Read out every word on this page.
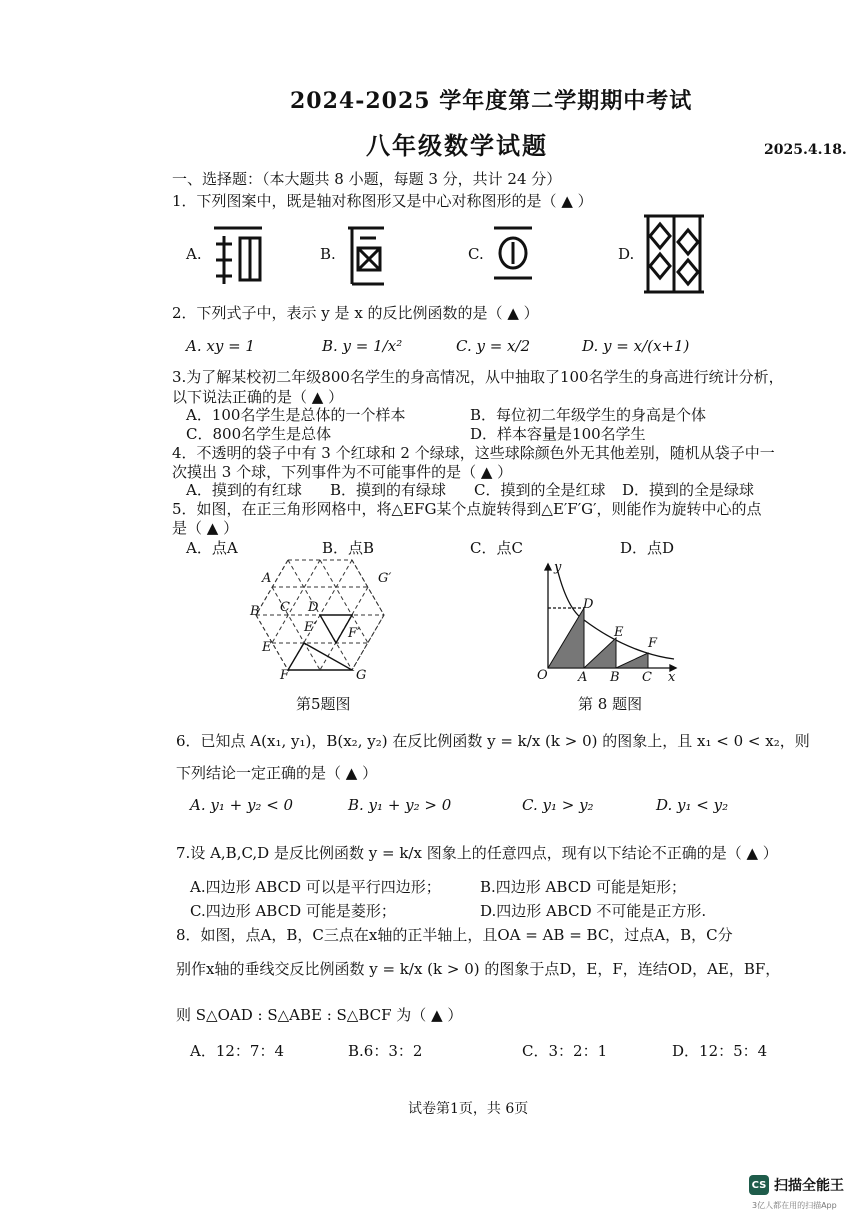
2024-2025 学年度第二学期期中考试
八年级数学试题	2025.4.18.
一、选择题：（本大题共 8 小题，每题 3 分，共计 24 分）
1．下列图案中，既是轴对称图形又是中心对称图形的是（ ▲ ）
A.	B.	C.	D.
2．下列式子中，表示 y 是 x 的反比例函数的是（ ▲ ）
A. xy = 1	B. y = 1/x²	C. y = x/2	D. y = x/(x+1)
3.为了解某校初二年级800名学生的身高情况，从中抽取了100名学生的身高进行统计分析，
以下说法正确的是（ ▲ ）
A．100名学生是总体的一个样本	B．每位初二年级学生的身高是个体
C．800名学生是总体	D．样本容量是100名学生
4．不透明的袋子中有 3 个红球和 2 个绿球，这些球除颜色外无其他差别，随机从袋子中一
次摸出 3 个球，下列事件为不可能事件的是（ ▲ ）
A．摸到的有红球 B．摸到的有绿球 C．摸到的全是红球 D．摸到的全是绿球
5．如图，在正三角形网格中，将△EFG某个点旋转得到△E′F′G′，则能作为旋转中心的点
是（ ▲ ）
A．点A	B．点B	C．点C	D．点D
A	G′
B C D
E′ F′
E
F	G
第5题图
y
D
E
F
O A B C x
第 8 题图
6．已知点 A(x₁, y₁)，B(x₂, y₂) 在反比例函数 y = k/x (k > 0) 的图象上，且 x₁ < 0 < x₂，则
下列结论一定正确的是（ ▲ ）
A. y₁ + y₂ < 0	B. y₁ + y₂ > 0	C. y₁ > y₂	D. y₁ < y₂
7.设 A,B,C,D 是反比例函数 y = k/x 图象上的任意四点，现有以下结论不正确的是（ ▲ ）
A.四边形 ABCD 可以是平行四边形；	B.四边形 ABCD 可能是矩形；
C.四边形 ABCD 可能是菱形；	D.四边形 ABCD 不可能是正方形.
8．如图，点A，B，C三点在x轴的正半轴上，且OA = AB = BC，过点A，B，C分
别作x轴的垂线交反比例函数 y = k/x (k > 0) 的图象于点D，E，F，连结OD，AE，BF，
则 S△OAD : S△ABE : S△BCF 为（ ▲ ）
A．12：7：4	B.6：3：2	C．3：2：1	D．12：5：4
试卷第1页，共 6页
CS 扫描全能王
3亿人都在用的扫描App
